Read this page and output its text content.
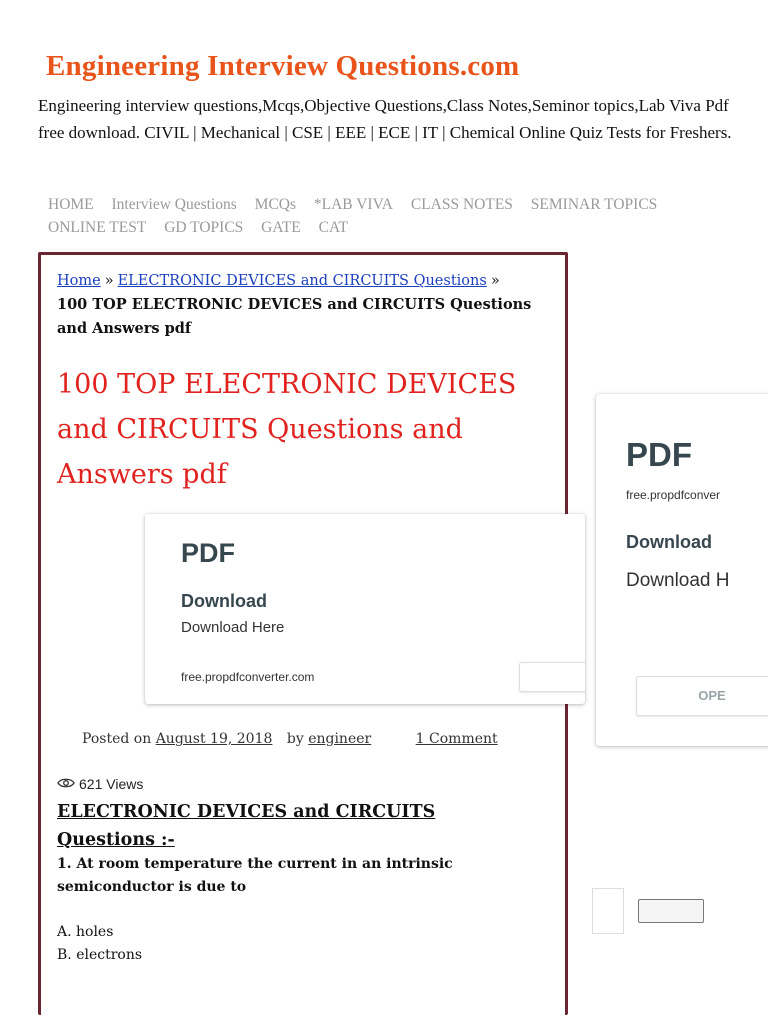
Engineering Interview Questions.com
Engineering interview questions,Mcqs,Objective Questions,Class Notes,Seminor topics,Lab Viva Pdf free download. CIVIL | Mechanical | CSE | EEE | ECE | IT | Chemical Online Quiz Tests for Freshers.
HOME Interview Questions MCQs *LAB VIVA CLASS NOTES SEMINAR TOPICS
ONLINE TEST GD TOPICS GATE CAT
Home » ELECTRONIC DEVICES and CIRCUITS Questions »
100 TOP ELECTRONIC DEVICES and CIRCUITS Questions and Answers pdf
100 TOP ELECTRONIC DEVICES and CIRCUITS Questions and Answers pdf
PDF
Download
Download Here
free.propdfconverter.com
PDF
free.propdfconver
Download
Download H
OPE
Posted on August 19, 2018 by engineer	1 Comment
621 Views
ELECTRONIC DEVICES and CIRCUITS Questions :-
1. At room temperature the current in an intrinsic semiconductor is due to
A. holes
B. electrons
